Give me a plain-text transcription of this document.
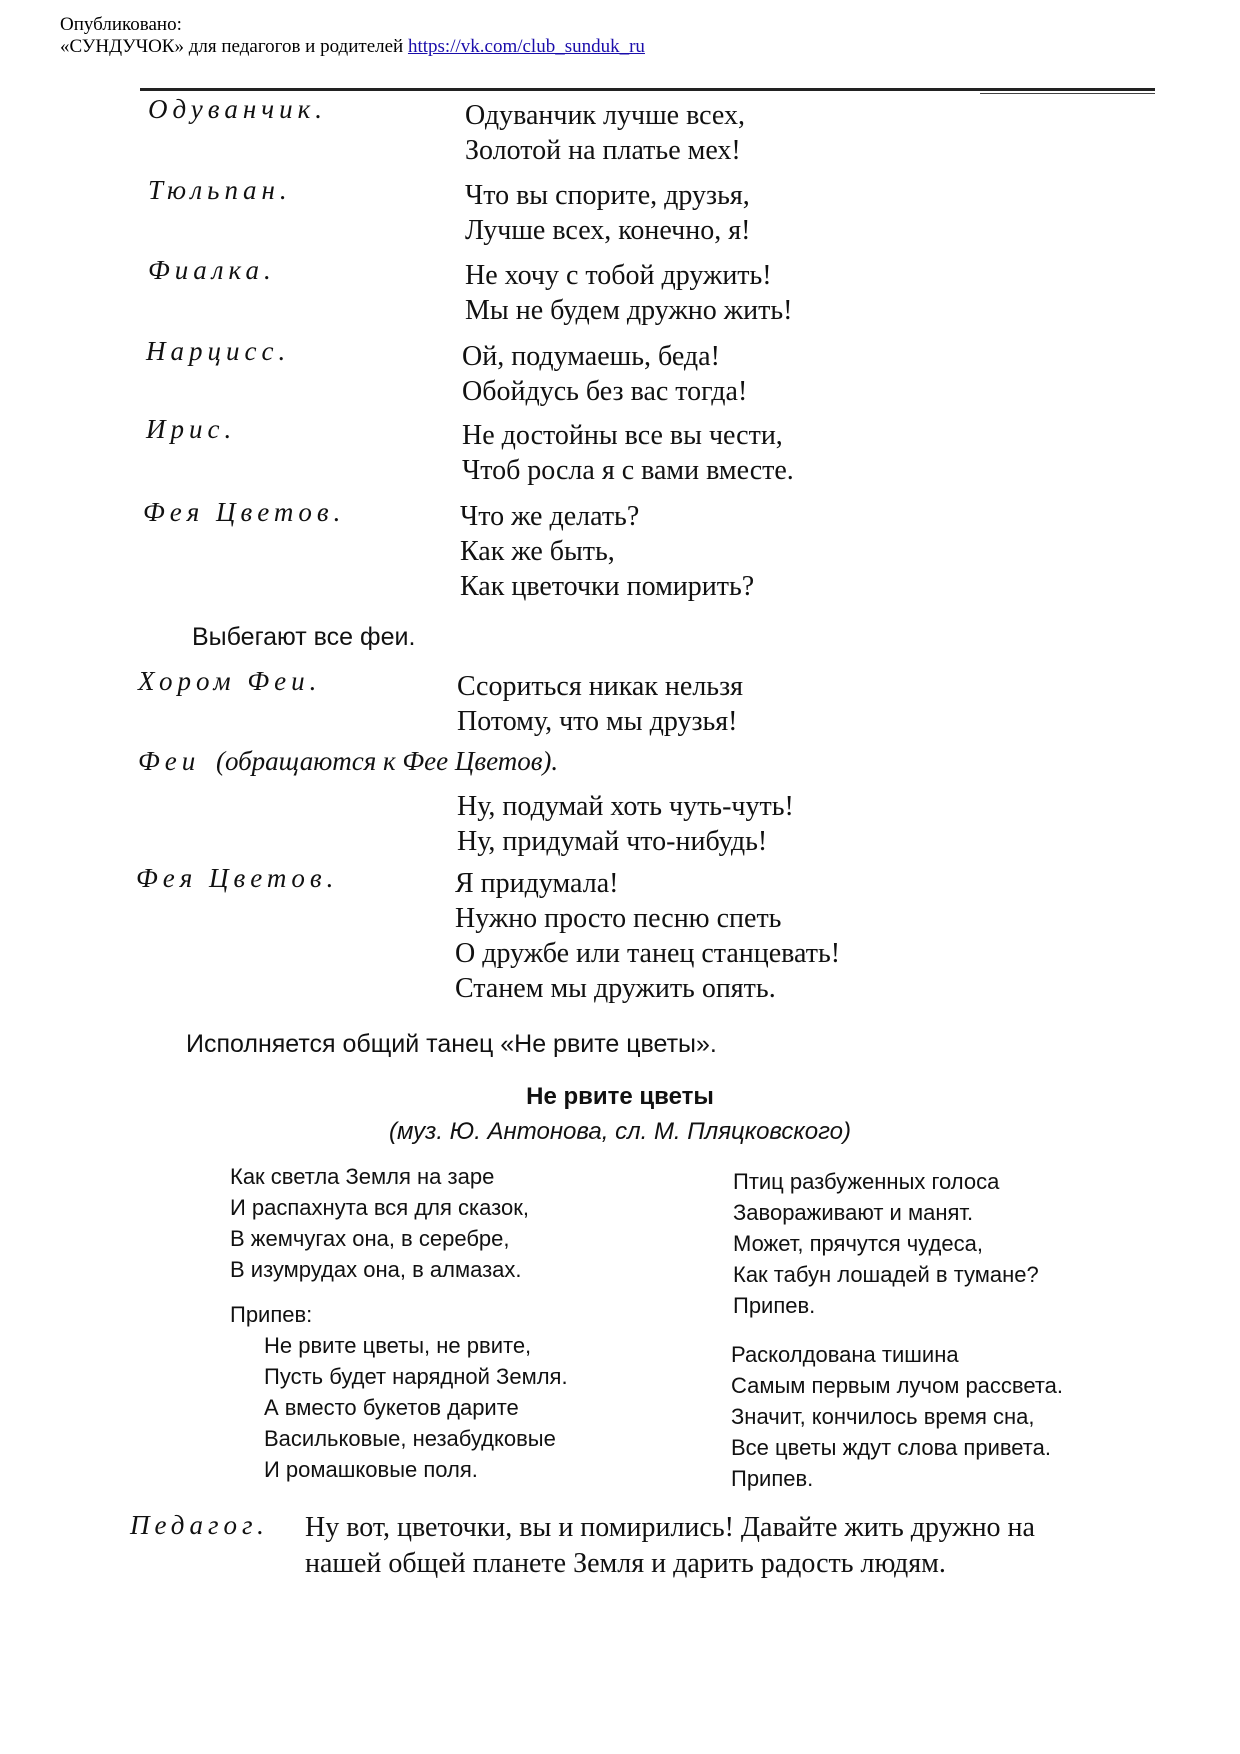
Опубликовано:
«СУНДУЧОК» для педагогов и родителей https://vk.com/club_sunduk_ru
Одуванчик.	Одуванчик лучше всех,
Золотой на платье мех!
Тюльпан.	Что вы спорите, друзья,
Лучше всех, конечно, я!
Фиалка.	Не хочу с тобой дружить!
Мы не будем дружно жить!
Нарцисс.	Ой, подумаешь, беда!
Обойдусь без вас тогда!
Ирис.	Не достойны все вы чести,
Чтоб росла я с вами вместе.
Фея Цветов.	Что же делать?
Как же быть,
Как цветочки помирить?
Выбегают все феи.
Хором Феи.	Ссориться никак нельзя
Потому, что мы друзья!
Феи (обращаются к Фее Цветов).
Ну, подумай хоть чуть-чуть!
Ну, придумай что-нибудь!
Фея Цветов.	Я придумала!
Нужно просто песню спеть
О дружбе или танец станцевать!
Станем мы дружить опять.
Исполняется общий танец «Не рвите цветы».
Не рвите цветы
(муз. Ю. Антонова, сл. М. Пляцковского)
Как светла Земля на заре
И распахнута вся для сказок,
В жемчугах она, в серебре,
В изумрудах она, в алмазах.
Припев:
Не рвите цветы, не рвите,
Пусть будет нарядной Земля.
А вместо букетов дарите
Васильковые, незабудковые
И ромашковые поля.
Птиц разбуженных голоса
Завораживают и манят.
Может, прячутся чудеса,
Как табун лошадей в тумане?
Припев.
Расколдована тишина
Самым первым лучом рассвета.
Значит, кончилось время сна,
Все цветы ждут слова привета.
Припев.
Педагог. Ну вот, цветочки, вы и помирились! Давайте жить дружно на
нашей общей планете Земля и дарить радость людям.
